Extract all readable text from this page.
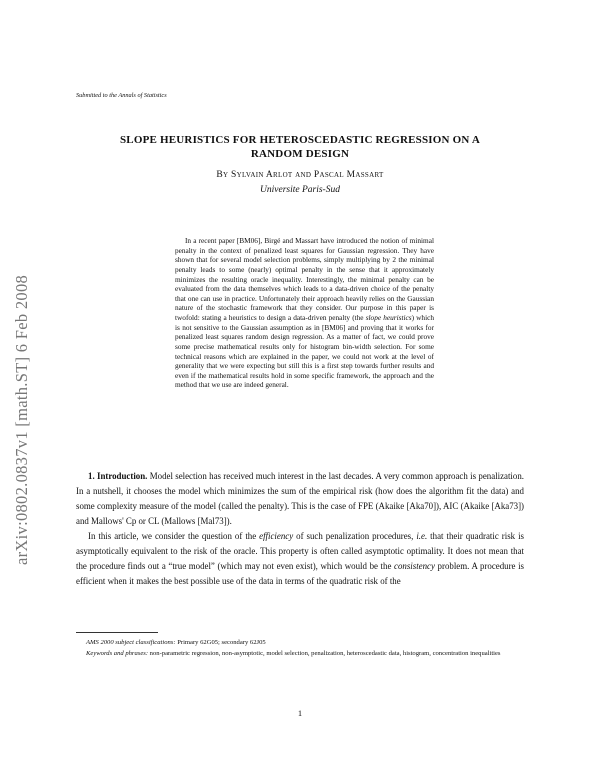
Submitted to the Annals of Statistics
arXiv:0802.0837v1 [math.ST] 6 Feb 2008
SLOPE HEURISTICS FOR HETEROSCEDASTIC REGRESSION ON A
RANDOM DESIGN
By Sylvain Arlot and Pascal Massart
Universite Paris-Sud
In a recent paper [BM06], Birgé and Massart have introduced the notion of minimal penalty in the context of penalized least squares for Gaussian regression. They have shown that for several model selection problems, simply multiplying by 2 the minimal penalty leads to some (nearly) optimal penalty in the sense that it approximately minimizes the resulting oracle inequality. Interestingly, the minimal penalty can be evaluated from the data themselves which leads to a data-driven choice of the penalty that one can use in practice. Unfortunately their approach heavily relies on the Gaussian nature of the stochastic framework that they consider. Our purpose in this paper is twofold: stating a heuristics to design a data-driven penalty (the slope heuristics) which is not sensitive to the Gaussian assumption as in [BM06] and proving that it works for penalized least squares random design regression. As a matter of fact, we could prove some precise mathematical results only for histogram bin-width selection. For some technical reasons which are explained in the paper, we could not work at the level of generality that we were expecting but still this is a first step towards further results and even if the mathematical results hold in some specific framework, the approach and the method that we use are indeed general.

1. Introduction. Model selection has received much interest in the last decades. A very common approach is penalization. In a nutshell, it chooses the model which minimizes the sum of the empirical risk (how does the algorithm fit the data) and some complexity measure of the model (called the penalty). This is the case of FPE (Akaike [Aka70]), AIC (Akaike [Aka73]) and Mallows' Cp or CL (Mallows [Mal73]).

In this article, we consider the question of the efficiency of such penalization procedures, i.e. that their quadratic risk is asymptotically equivalent to the risk of the oracle. This property is often called asymptotic optimality. It does not mean that the procedure finds out a “true model” (which may not even exist), which would be the consistency problem. A procedure is efficient when it makes the best possible use of the data in terms of the quadratic risk of the

AMS 2000 subject classifications: Primary 62G05; secondary 62J05
Keywords and phrases: non-parametric regression, non-asymptotic, model selection, penalization, heteroscedastic data, histogram, concentration inequalities
1
